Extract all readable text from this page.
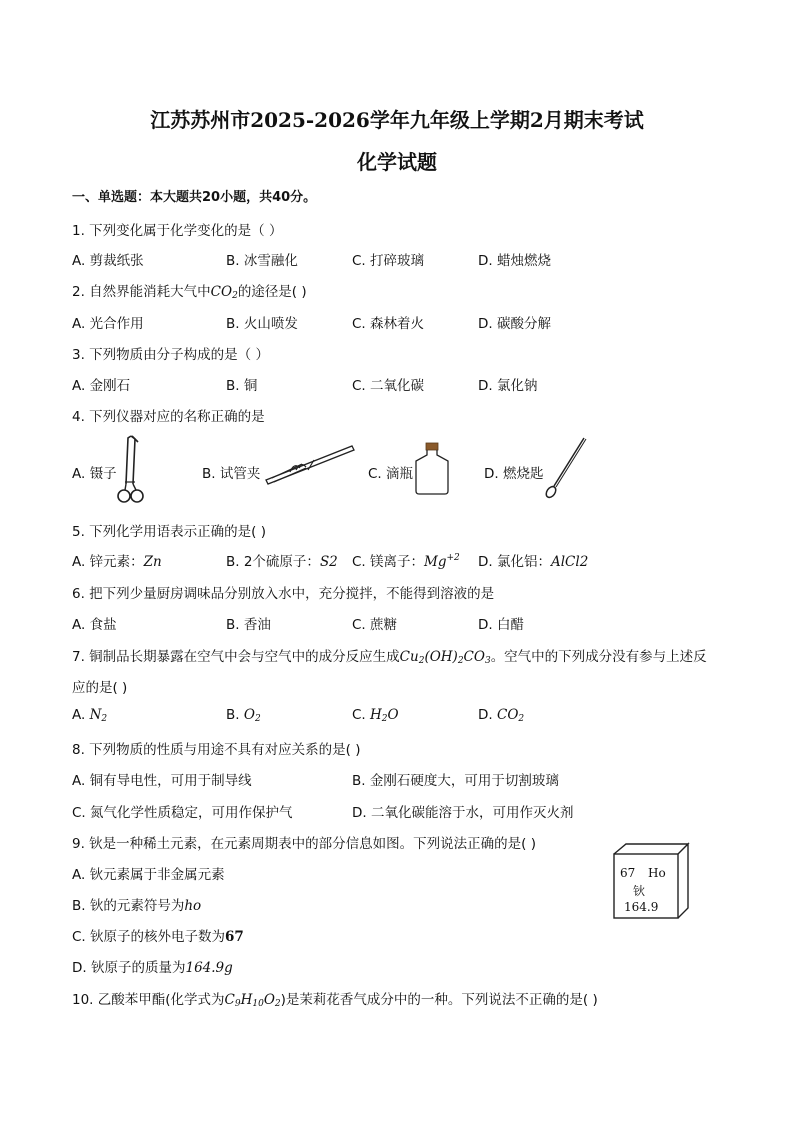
江苏苏州市2025-2026学年九年级上学期2月期末考试
化学试题
一、单选题：本大题共20小题，共40分。
1. 下列变化属于化学变化的是（ ）
A. 剪裁纸张	B. 冰雪融化	C. 打碎玻璃	D. 蜡烛燃烧
2. 自然界能消耗大气中$CO_2$的途径是( )
A. 光合作用	B. 火山喷发	C. 森林着火	D. 碳酸分解
3. 下列物质由分子构成的是（ ）
A. 金刚石	B. 铜	C. 二氧化碳	D. 氯化钠
4. 下列仪器对应的名称正确的是
A. 镊子	B. 试管夹	C. 滴瓶	D. 燃烧匙
5. 下列化学用语表示正确的是( )
A. 锌元素：Zn	B. 2个硫原子：S2 C. 镁离子：$Mg^{+2}$ D. 氯化铝：AlCl2
6. 把下列少量厨房调味品分别放入水中，充分搅拌，不能得到溶液的是
A. 食盐	B. 香油	C. 蔗糖	D. 白醋
7. 铜制品长期暴露在空气中会与空气中的成分反应生成$Cu_2(OH)_2CO_3$。空气中的下列成分没有参与上述反
应的是( )
A. $N_2$	B. $O_2$	C. $H_2O$	D. $CO_2$
8. 下列物质的性质与用途不具有对应关系的是( )
A. 铜有导电性，可用于制导线	B. 金刚石硬度大，可用于切割玻璃
C. 氮气化学性质稳定，可用作保护气	D. 二氧化碳能溶于水，可用作灭火剂
9. 钬是一种稀土元素，在元素周期表中的部分信息如图。下列说法正确的是( )
A. 钬元素属于非金属元素
B. 钬的元素符号为ho
C. 钬原子的核外电子数为67
D. 钬原子的质量为164.9g
67 Ho
钬
164.9
10. 乙酸苯甲酯(化学式为$C_9H_{10}O_2$)是茉莉花香气成分中的一种。下列说法不正确的是( )
